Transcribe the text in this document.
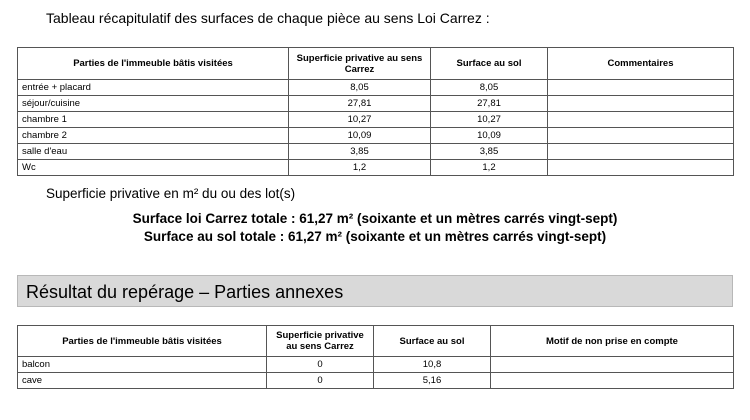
Tableau récapitulatif des surfaces de chaque pièce au sens Loi Carrez :
Parties de l'immeuble bâtis visitées	Superficie privative au sens Carrez	Surface au sol	Commentaires
entrée + placard	8,05	8,05	
séjour/cuisine	27,81	27,81	
chambre 1	10,27	10,27	
chambre 2	10,09	10,09	
salle d'eau	3,85	3,85	
Wc	1,2	1,2	
Superficie privative en m² du ou des lot(s)
Surface loi Carrez totale : 61,27 m² (soixante et un mètres carrés vingt-sept)
Surface au sol totale : 61,27 m² (soixante et un mètres carrés vingt-sept)
Résultat du repérage – Parties annexes
Parties de l'immeuble bâtis visitées	Superficie privative au sens Carrez	Surface au sol	Motif de non prise en compte
balcon	0	10,8	
cave	0	5,16	
